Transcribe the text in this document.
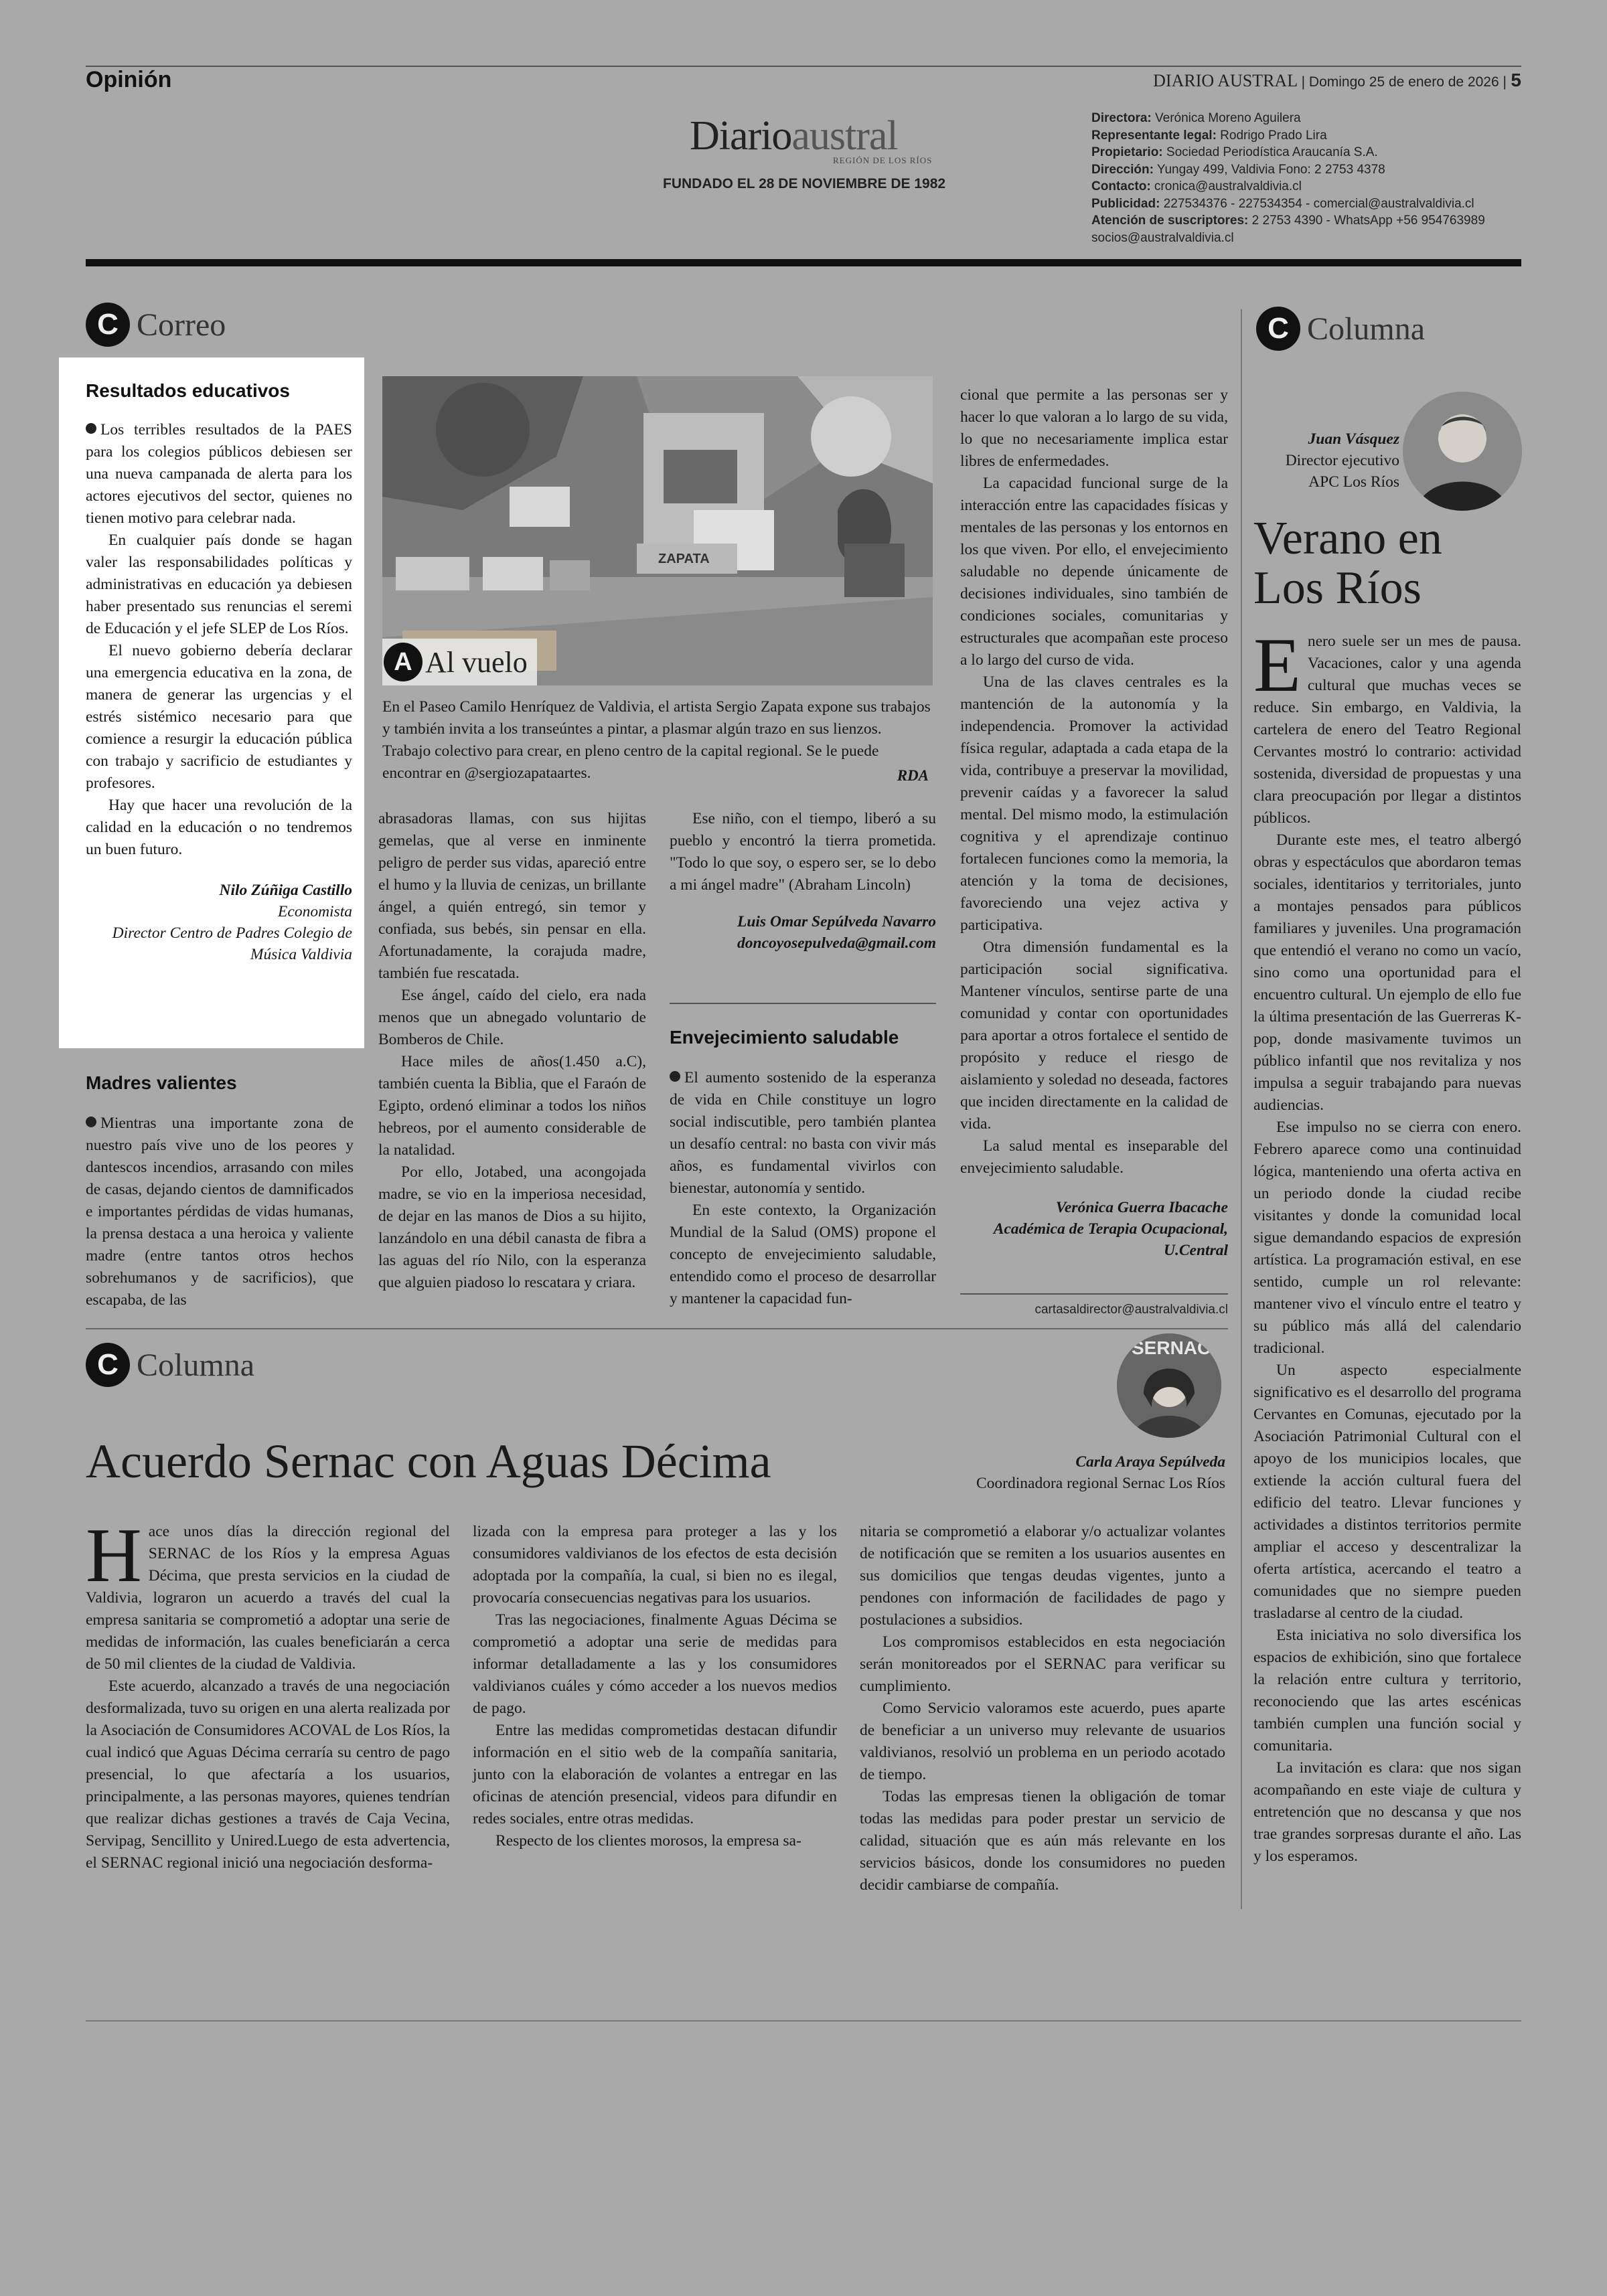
Opinión	DIARIO AUSTRAL | Domingo 25 de enero de 2026 | 5
Diarioaustral
REGIÓN DE LOS RÍOS
FUNDADO EL 28 DE NOVIEMBRE DE 1982
Directora: Verónica Moreno Aguilera
Representante legal: Rodrigo Prado Lira
Propietario: Sociedad Periodística Araucanía S.A.
Dirección: Yungay 499, Valdivia Fono: 2 2753 4378
Contacto: cronica@australvaldivia.cl
Publicidad: 227534376 - 227534354 - comercial@australvaldivia.cl
Atención de suscriptores: 2 2753 4390 - WhatsApp +56 954763989
socios@australvaldivia.cl
C Correo
Resultados educativos

Los terribles resultados de la PAES para los colegios públicos debiesen ser una nueva campanada de alerta para los actores ejecutivos del sector, quienes no tienen motivo para celebrar nada.

En cualquier país donde se hagan valer las responsabilidades políticas y administrativas en educación ya debiesen haber presentado sus renuncias el seremi de Educación y el jefe SLEP de Los Ríos.

El nuevo gobierno debería declarar una emergencia educativa en la zona, de manera de generar las urgencias y el estrés sistémico necesario para que comience a resurgir la educación pública con trabajo y sacrificio de estudiantes y profesores.

Hay que hacer una revolución de la calidad en la educación o no tendremos un buen futuro.

Nilo Zúñiga Castillo
Economista
Director Centro de Padres Colegio de
Música Valdivia
Madres valientes

Mientras una importante zona de nuestro país vive uno de los peores y dantescos incendios, arrasando con miles de casas, dejando cientos de damnificados e importantes pérdidas de vidas humanas, la prensa destaca a una heroica y valiente madre (entre tantos otros hechos sobrehumanos y de sacrificios), que escapaba, de las

ZAPATA
A Al vuelo

En el Paseo Camilo Henríquez de Valdivia, el artista Sergio Zapata expone sus trabajos y también invita a los transeúntes a pintar, a plasmar algún trazo en sus lienzos. Trabajo colectivo para crear, en pleno centro de la capital regional. Se le puede encontrar en @sergiozapataartes.	RDA

abrasadoras llamas, con sus hijitas gemelas, que al verse en inminente peligro de perder sus vidas, apareció entre el humo y la lluvia de cenizas, un brillante ángel, a quién entregó, sin temor y confiada, sus bebés, sin pensar en ella. Afortunadamente, la corajuda madre, también fue rescatada.

Ese ángel, caído del cielo, era nada menos que un abnegado voluntario de Bomberos de Chile.

Hace miles de años(1.450 a.C), también cuenta la Biblia, que el Faraón de Egipto, ordenó eliminar a todos los niños hebreos, por el aumento considerable de la natalidad.

Por ello, Jotabed, una acongojada madre, se vio en la imperiosa necesidad, de dejar en las manos de Dios a su hijito, lanzándolo en una débil canasta de fibra a las aguas del río Nilo, con la esperanza que alguien piadoso lo rescatara y criara.

Ese niño, con el tiempo, liberó a su pueblo y encontró la tierra prometida. "Todo lo que soy, o espero ser, se lo debo a mi ángel madre" (Abraham Lincoln)

Luis Omar Sepúlveda Navarro
doncoyosepulveda@gmail.com
Envejecimiento saludable

El aumento sostenido de la esperanza de vida en Chile constituye un logro social indiscutible, pero también plantea un desafío central: no basta con vivir más años, es fundamental vivirlos con bienestar, autonomía y sentido.

En este contexto, la Organización Mundial de la Salud (OMS) propone el concepto de envejecimiento saludable, entendido como el proceso de desarrollar y mantener la capacidad fun-

cional que permite a las personas ser y hacer lo que valoran a lo largo de su vida, lo que no necesariamente implica estar libres de enfermedades.

La capacidad funcional surge de la interacción entre las capacidades físicas y mentales de las personas y los entornos en los que viven. Por ello, el envejecimiento saludable no depende únicamente de decisiones individuales, sino también de condiciones sociales, comunitarias y estructurales que acompañan este proceso a lo largo del curso de vida.

Una de las claves centrales es la mantención de la autonomía y la independencia. Promover la actividad física regular, adaptada a cada etapa de la vida, contribuye a preservar la movilidad, prevenir caídas y a favorecer la salud mental. Del mismo modo, la estimulación cognitiva y el aprendizaje continuo fortalecen funciones como la memoria, la atención y la toma de decisiones, favoreciendo una vejez activa y participativa.

Otra dimensión fundamental es la participación social significativa. Mantener vínculos, sentirse parte de una comunidad y contar con oportunidades para aportar a otros fortalece el sentido de propósito y reduce el riesgo de aislamiento y soledad no deseada, factores que inciden directamente en la calidad de vida.

La salud mental es inseparable del envejecimiento saludable.

Verónica Guerra Ibacache
Académica de Terapia Ocupacional,
U.Central
cartasaldirector@australvaldivia.cl
C Columna
Juan Vásquez
Director ejecutivo
APC Los Ríos
Verano en Los Ríos

Enero suele ser un mes de pausa. Vacaciones, calor y una agenda cultural que muchas veces se reduce. Sin embargo, en Valdivia, la cartelera de enero del Teatro Regional Cervantes mostró lo contrario: actividad sostenida, diversidad de propuestas y una clara preocupación por llegar a distintos públicos.

Durante este mes, el teatro albergó obras y espectáculos que abordaron temas sociales, identitarios y territoriales, junto a montajes pensados para públicos familiares y juveniles. Una programación que entendió el verano no como un vacío, sino como una oportunidad para el encuentro cultural. Un ejemplo de ello fue la última presentación de las Guerreras K-pop, donde masivamente tuvimos un público infantil que nos revitaliza y nos impulsa a seguir trabajando para nuevas audiencias.

Ese impulso no se cierra con enero. Febrero aparece como una continuidad lógica, manteniendo una oferta activa en un periodo donde la ciudad recibe visitantes y donde la comunidad local sigue demandando espacios de expresión artística. La programación estival, en ese sentido, cumple un rol relevante: mantener vivo el vínculo entre el teatro y su público más allá del calendario tradicional.

Un aspecto especialmente significativo es el desarrollo del programa Cervantes en Comunas, ejecutado por la Asociación Patrimonial Cultural con el apoyo de los municipios locales, que extiende la acción cultural fuera del edificio del teatro. Llevar funciones y actividades a distintos territorios permite ampliar el acceso y descentralizar la oferta artística, acercando el teatro a comunidades que no siempre pueden trasladarse al centro de la ciudad.

Esta iniciativa no solo diversifica los espacios de exhibición, sino que fortalece la relación entre cultura y territorio, reconociendo que las artes escénicas también cumplen una función social y comunitaria.

La invitación es clara: que nos sigan acompañando en este viaje de cultura y entretención que no descansa y que nos trae grandes sorpresas durante el año. Las y los esperamos.

C Columna
Acuerdo Sernac con Aguas Décima
SERNAC
Carla Araya Sepúlveda
Coordinadora regional Sernac Los Ríos

Hace unos días la dirección regional del SERNAC de los Ríos y la empresa Aguas Décima, que presta servicios en la ciudad de Valdivia, lograron un acuerdo a través del cual la empresa sanitaria se comprometió a adoptar una serie de medidas de información, las cuales beneficiarán a cerca de 50 mil clientes de la ciudad de Valdivia.

Este acuerdo, alcanzado a través de una negociación desformalizada, tuvo su origen en una alerta realizada por la Asociación de Consumidores ACOVAL de Los Ríos, la cual indicó que Aguas Décima cerraría su centro de pago presencial, lo que afectaría a los usuarios, principalmente, a las personas mayores, quienes tendrían que realizar dichas gestiones a través de Caja Vecina, Servipag, Sencillito y Unired.Luego de esta advertencia, el SERNAC regional inició una negociación desforma-

lizada con la empresa para proteger a las y los consumidores valdivianos de los efectos de esta decisión adoptada por la compañía, la cual, si bien no es ilegal, provocaría consecuencias negativas para los usuarios.

Tras las negociaciones, finalmente Aguas Décima se comprometió a adoptar una serie de medidas para informar detalladamente a las y los consumidores valdivianos cuáles y cómo acceder a los nuevos medios de pago.

Entre las medidas comprometidas destacan difundir información en el sitio web de la compañía sanitaria, junto con la elaboración de volantes a entregar en las oficinas de atención presencial, videos para difundir en redes sociales, entre otras medidas.

Respecto de los clientes morosos, la empresa sa-

nitaria se comprometió a elaborar y/o actualizar volantes de notificación que se remiten a los usuarios ausentes en sus domicilios que tengas deudas vigentes, junto a pendones con información de facilidades de pago y postulaciones a subsidios.

Los compromisos establecidos en esta negociación serán monitoreados por el SERNAC para verificar su cumplimiento.

Como Servicio valoramos este acuerdo, pues aparte de beneficiar a un universo muy relevante de usuarios valdivianos, resolvió un problema en un periodo acotado de tiempo.

Todas las empresas tienen la obligación de tomar todas las medidas para poder prestar un servicio de calidad, situación que es aún más relevante en los servicios básicos, donde los consumidores no pueden decidir cambiarse de compañía.
